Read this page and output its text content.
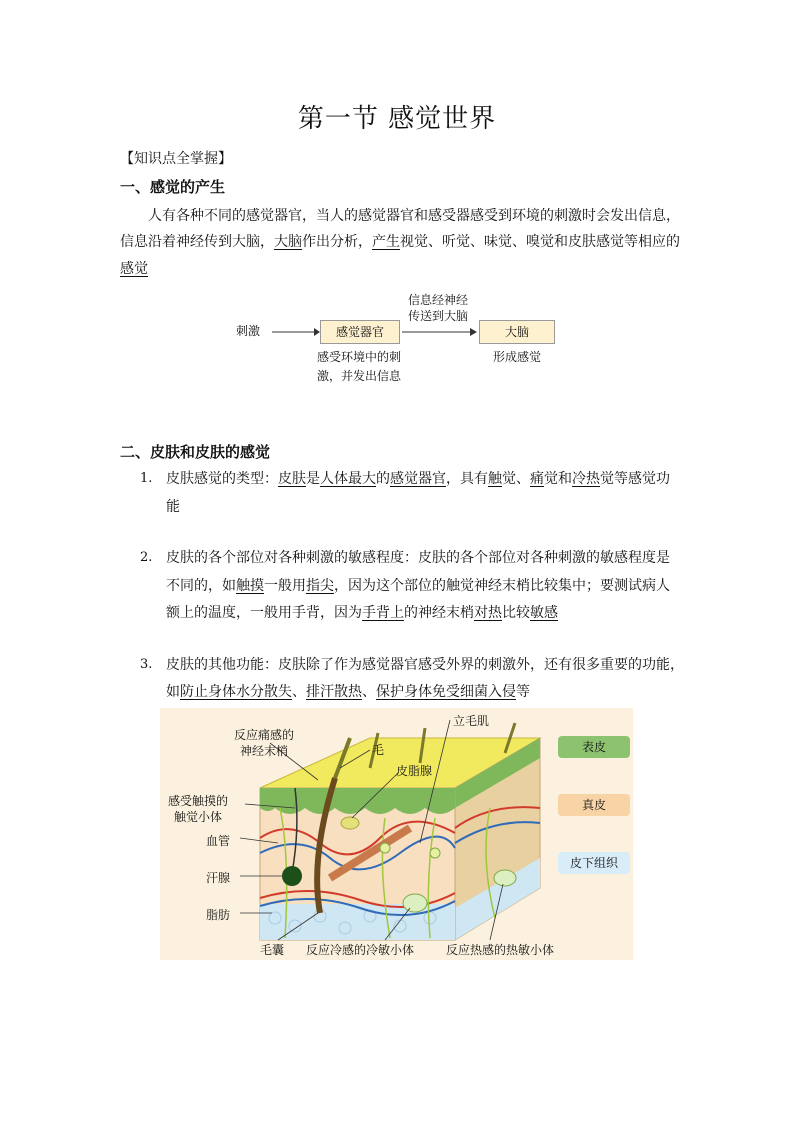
第一节 感觉世界
【知识点全掌握】
一、感觉的产生
人有各种不同的感觉器官，当人的感觉器官和感受器感受到环境的刺激时会发出信息，
信息沿着神经传到大脑，大脑作出分析，产生视觉、听觉、味觉、嗅觉和皮肤感觉等相应的
感觉
刺激	感觉器官
信息经神经
传送到大脑
大脑
感受环境中的刺
激，并发出信息
形成感觉
二、皮肤和皮肤的感觉
1. 皮肤感觉的类型：皮肤是人体最大的感觉器官，具有触觉、痛觉和冷热觉等感觉功
能
2. 皮肤的各个部位对各种刺激的敏感程度：皮肤的各个部位对各种刺激的敏感程度是
不同的，如触摸一般用指尖，因为这个部位的触觉神经末梢比较集中；要测试病人
额上的温度，一般用手背，因为手背上的神经末梢对热比较敏感
3. 皮肤的其他功能：皮肤除了作为感觉器官感受外界的刺激外，还有很多重要的功能，
如防止身体水分散失、排汗散热、保护身体免受细菌入侵等
反应痛感的
神经末梢	毛
立毛肌
皮脂腺
感受触摸的
触觉小体
血管
汗腺
脂肪
毛囊 反应冷感的冷敏小体	反应热感的热敏小体
表皮
真皮
皮下组织
